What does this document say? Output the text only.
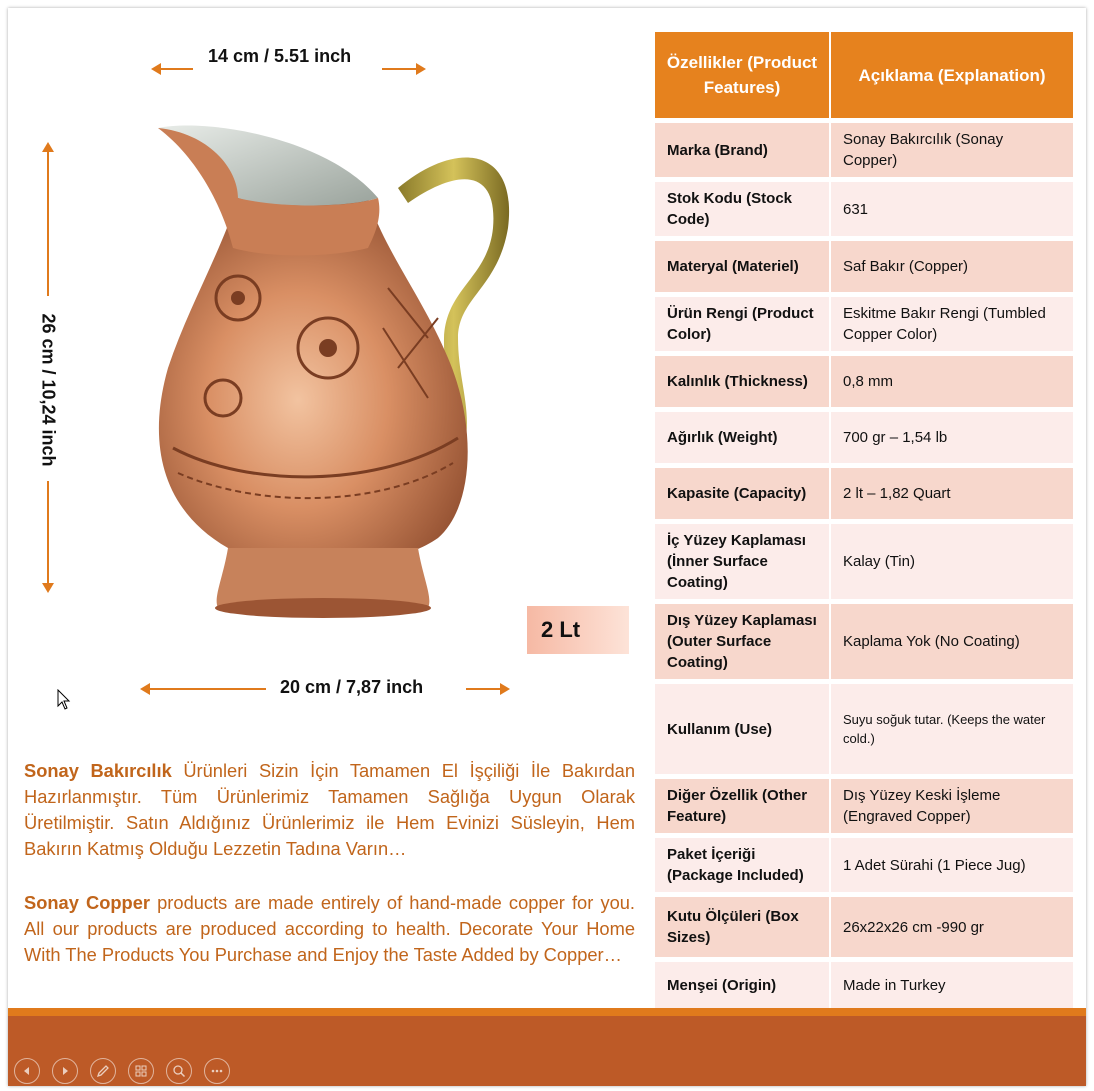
14 cm / 5.51 inch
26 cm / 10,24 inch
2 Lt
20 cm / 7,87 inch
Sonay Bakırcılık Ürünleri Sizin İçin Tamamen El İşçiliği İle Bakırdan Hazırlanmıştır. Tüm Ürünlerimiz Tamamen Sağlığa Uygun Olarak Üretilmiştir. Satın Aldığınız Ürünlerimiz ile Hem Evinizi Süsleyin, Hem Bakırın Katmış Olduğu Lezzetin Tadına Varın…
Sonay Copper products are made entirely of hand-made copper for you. All our products are produced according to health. Decorate Your Home With The Products You Purchase and Enjoy the Taste Added by Copper…
Özellikler (Product Features)	Açıklama (Explanation)
Marka (Brand)	Sonay Bakırcılık (Sonay Copper)
Stok Kodu (Stock Code)	631
Materyal (Materiel)	Saf Bakır (Copper)
Ürün Rengi (Product Color)	Eskitme Bakır Rengi (Tumbled Copper Color)
Kalınlık (Thickness)	0,8 mm
Ağırlık (Weight)	700 gr – 1,54 lb
Kapasite (Capacity)	2 lt – 1,82 Quart
İç Yüzey Kaplaması (İnner Surface Coating)	Kalay (Tin)
Dış Yüzey Kaplaması (Outer Surface Coating)	Kaplama Yok (No Coating)
Kullanım (Use)	Suyu soğuk tutar. (Keeps the water cold.)
Diğer Özellik (Other Feature)	Dış Yüzey Keski İşleme (Engraved Copper)
Paket İçeriği (Package Included)	1 Adet Sürahi (1 Piece Jug)
Kutu Ölçüleri (Box Sizes)	26x22x26 cm -990 gr
Menşei (Origin)	Made in Turkey
